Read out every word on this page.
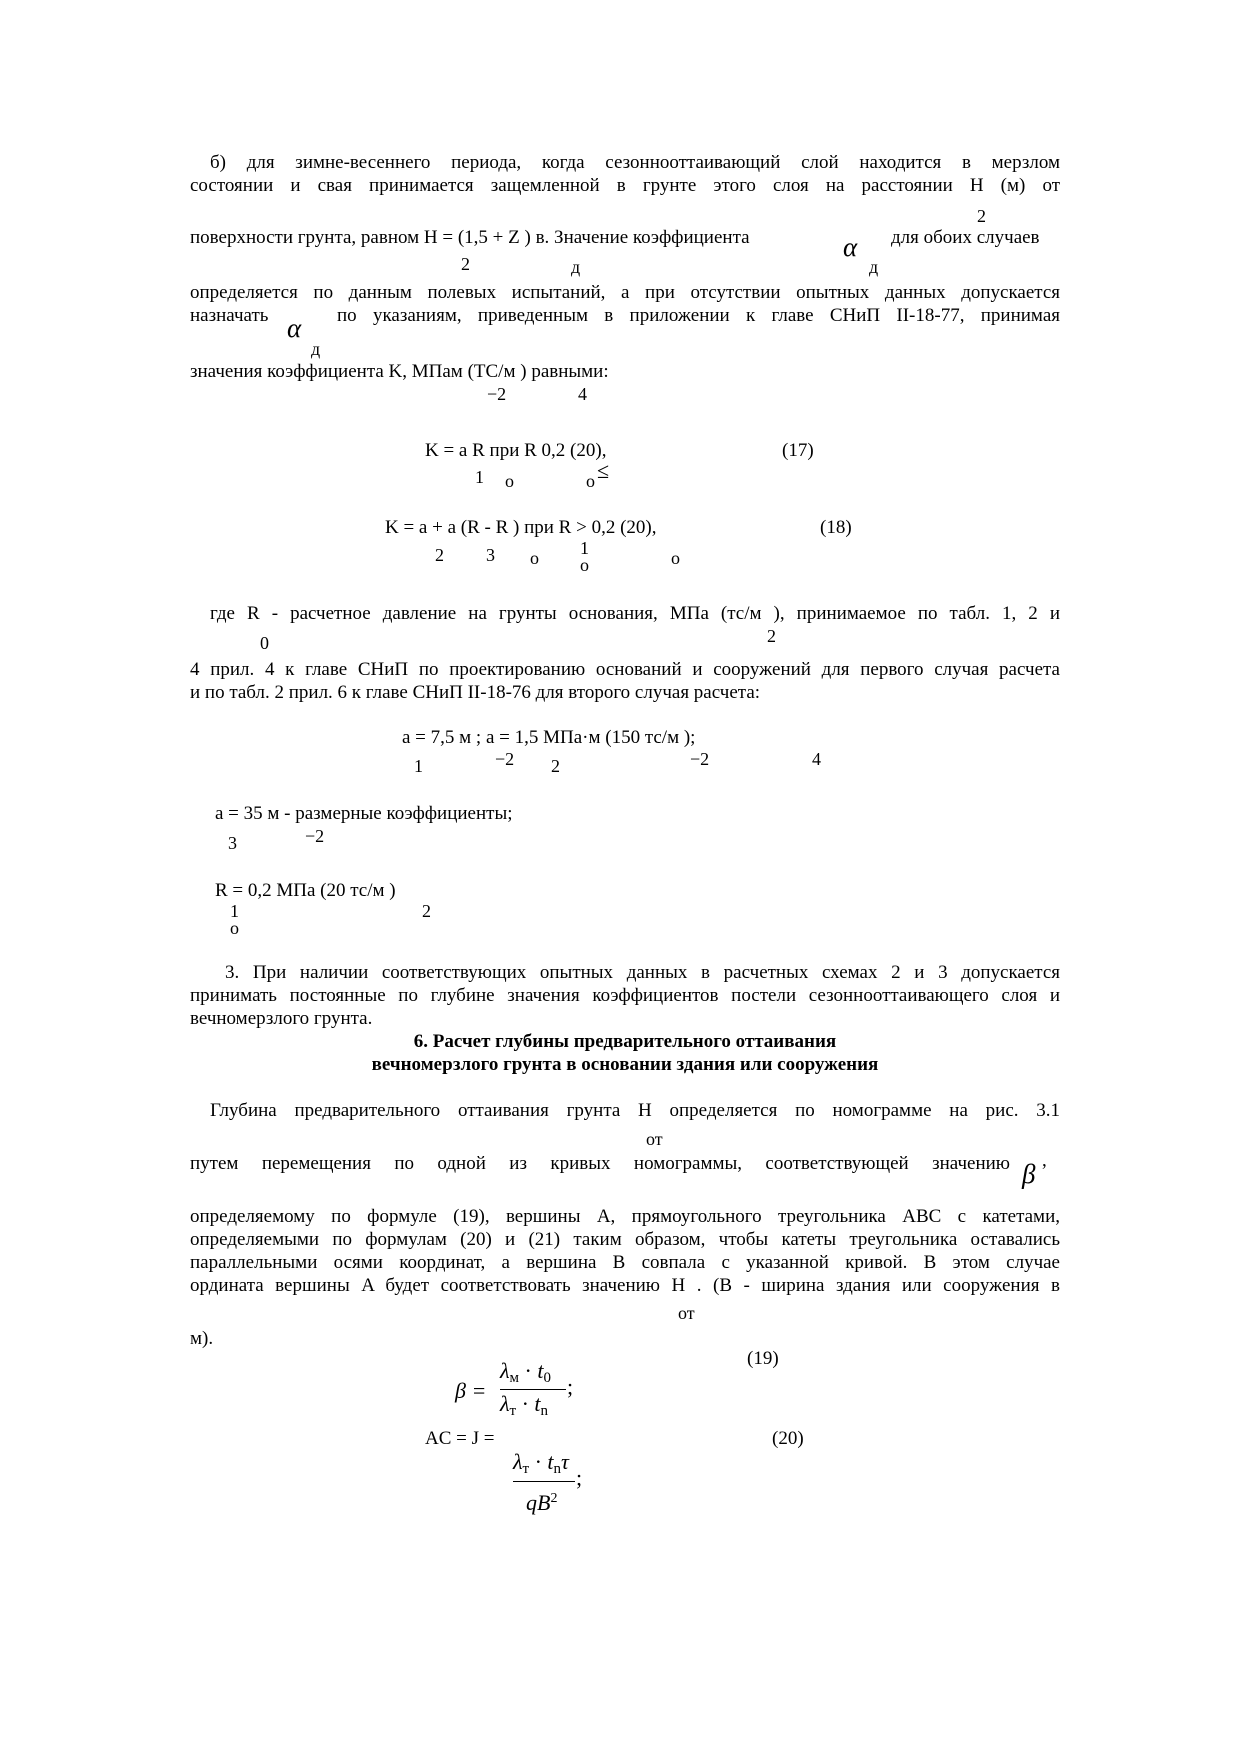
б) для зимне-весеннего периода, когда сезоннооттаивающий слой находится в мерзлом
состоянии и свая принимается защемленной в грунте этого слоя на расстоянии H (м) от
2
поверхности грунта, равном H = (1,5 + Z ) в. Значение коэффициента	α для обоих случаев
2	д	д
определяется по данным полевых испытаний, а при отсутствии опытных данных допускается
назначать α
д
по указаниям, приведенным в приложении к главе СНиП II-18-77, принимая
значения коэффициента K, МПам (ТС/м ) равными:
−2	4
K = a R при R 0,2 (20),	(17)
1 o	o ≤
K = a + a (R - R ) при R > 0,2 (20),	(18)
2 3 o 1
o	o
где R - расчетное давление на грунты основания, МПа (тс/м ), принимаемое по табл. 1, 2 и
0	2
4 прил. 4 к главе СНиП по проектированию оснований и сооружений для первого случая расчета
и по табл. 2 прил. 6 к главе СНиП II-18-76 для второго случая расчета:
a = 7,5 м ; a = 1,5 МПа·м (150 тс/м );
1	−2 2	−2	4
a = 35 м - размерные коэффициенты;
3	−2
R = 0,2 МПа (20 тс/м )
1
o
2
3. При наличии соответствующих опытных данных в расчетных схемах 2 и 3 допускается
принимать постоянные по глубине значения коэффициентов постели сезоннооттаивающего слоя и
вечномерзлого грунта.
6. Расчет глубины предварительного оттаивания
вечномерзлого грунта в основании здания или сооружения
Глубина предварительного оттаивания грунта H определяется по номограмме на рис. 3.1
от
путем перемещения по одной из кривых номограммы, соответствующей значению β ,
определяемому по формуле (19), вершины A, прямоугольного треугольника ABC с катетами,
определяемыми по формулам (20) и (21) таким образом, чтобы катеты треугольника оставались
параллельными осями координат, а вершина B совпала с указанной кривой. В этом случае
ордината вершины A будет соответствовать значению H . (B - ширина здания или сооружения в
от
м).
(19)
β =
λм · t0
λт · tn
;
AC = J =	(20)
λт · tnτ
$qB^2$
;
